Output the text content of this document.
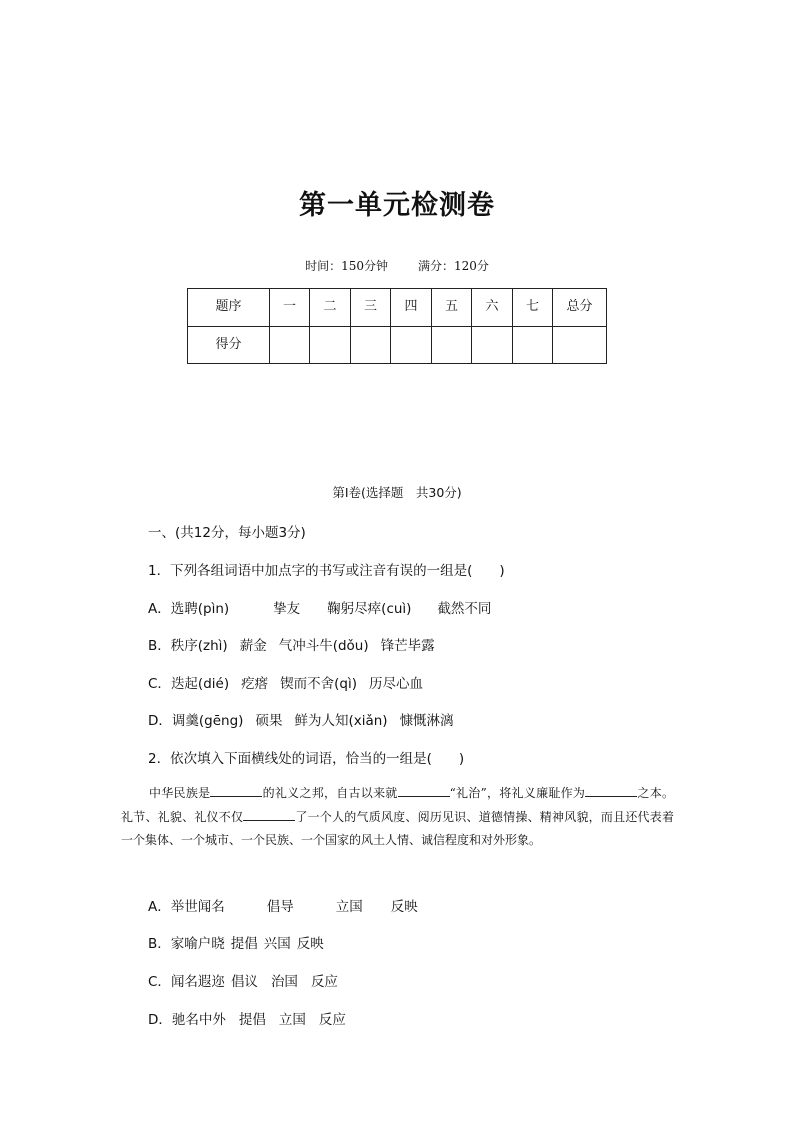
第一单元检测卷
时间：150分钟	满分：120分
题序	一	二	三	四	五	六	七	总分
得分								
第Ⅰ卷(选择题　共30分)
一、(共12分，每小题3分)
1．下列各组词语中加点字的书写或注音有误的一组是(　　)
A．选聘(pìn)	挚友 鞠躬尽瘁(cuì) 截然不同
B．秩序(zhì) 薪金 气冲斗牛(dǒu) 锋芒毕露
C．迭起(dié) 疙瘩 锲而不舍(qì) 历尽心血
D．调羹(gēng) 硕果 鲜为人知(xiǎn) 慷慨淋漓
2．依次填入下面横线处的词语，恰当的一组是(　　)

中华民族是	的礼义之邦，自古以来就	“礼治”，将礼义廉耻作为	之本。礼节、礼貌、礼仪不仅	了一个人的气质风度、阅历见识、道德情操、精神风貌，而且还代表着一个集体、一个城市、一个民族、一个国家的风土人情、诚信程度和对外形象。

A．举世闻名	倡导	立国 反映
B．家喻户晓 提倡 兴国 反映
C．闻名遐迩 倡议 治国 反应
D．驰名中外 提倡 立国 反应
